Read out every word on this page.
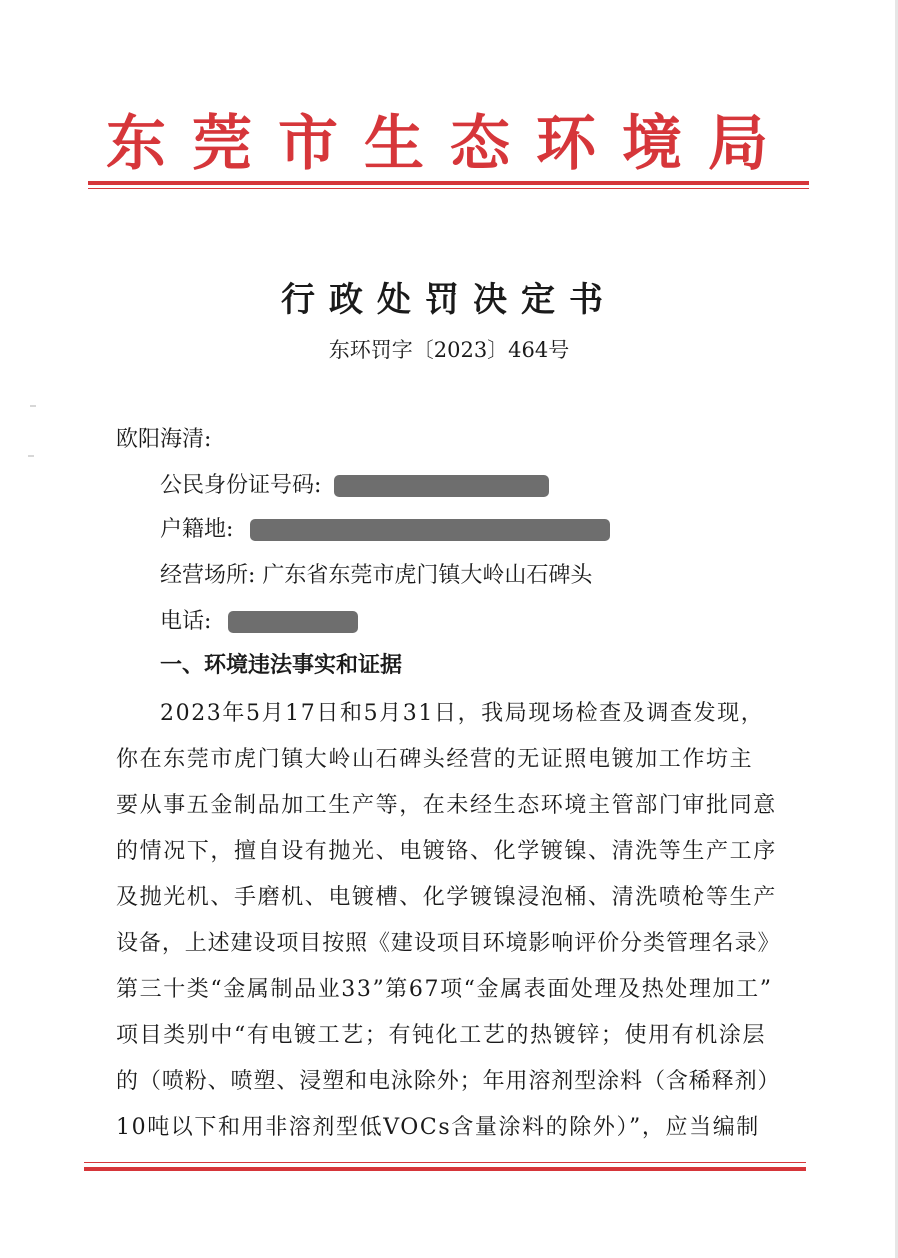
东莞市生态环境局
行政处罚决定书
东环罚字〔2023〕464号
欧阳海清:
公民身份证号码:
户籍地:
经营场所: 广东省东莞市虎门镇大岭山石碑头
电话:
一、环境违法事实和证据
2023年5月17日和5月31日，我局现场检查及调查发现，
你在东莞市虎门镇大岭山石碑头经营的无证照电镀加工作坊主
要从事五金制品加工生产等，在未经生态环境主管部门审批同意
的情况下，擅自设有抛光、电镀铬、化学镀镍、清洗等生产工序
及抛光机、手磨机、电镀槽、化学镀镍浸泡桶、清洗喷枪等生产
设备，上述建设项目按照《建设项目环境影响评价分类管理名录》
第三十类“金属制品业33”第67项“金属表面处理及热处理加工”
项目类别中“有电镀工艺；有钝化工艺的热镀锌；使用有机涂层
的（喷粉、喷塑、浸塑和电泳除外；年用溶剂型涂料（含稀释剂）
10吨以下和用非溶剂型低VOCs含量涂料的除外）”，应当编制
